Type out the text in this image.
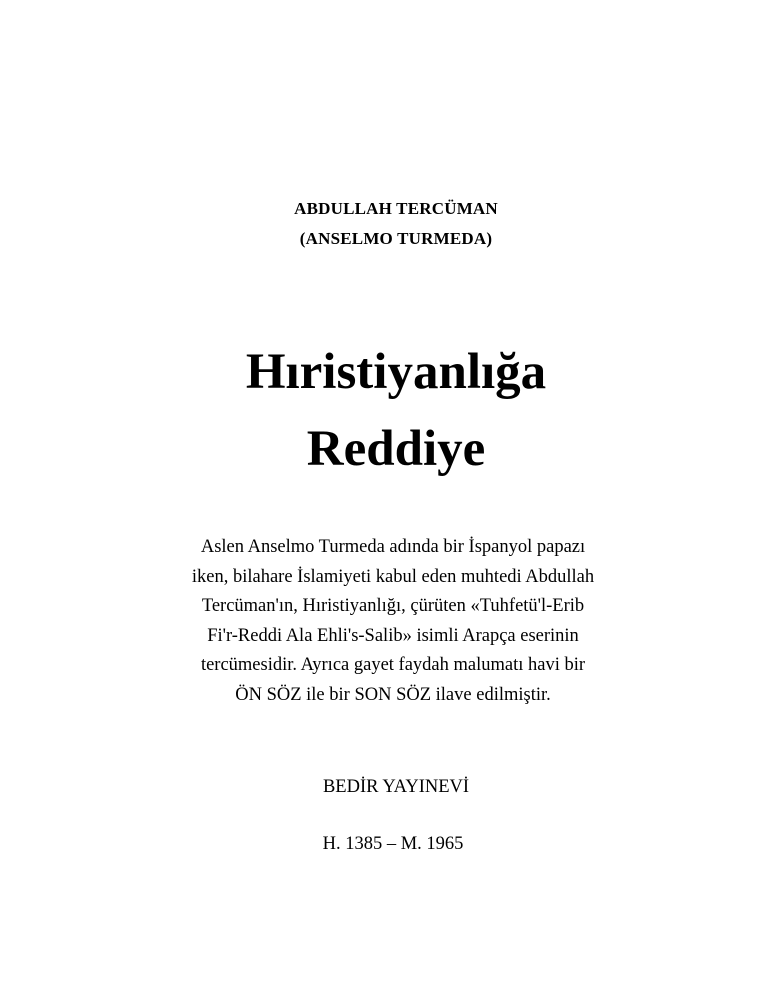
ABDULLAH TERCÜMAN
(ANSELMO TURMEDA)
Hıristiyanlığa
Reddiye
Aslen Anselmo Turmeda adında bir İspanyol papazı
iken, bilahare İslamiyeti kabul eden muhtedi Abdullah
Tercüman'ın, Hıristiyanlığı, çürüten «Tuhfetü'l-Erib
Fi'r-Reddi Ala Ehli's-Salib» isimli Arapça eserinin
tercümesidir. Ayrıca gayet faydah malumatı havi bir
ÖN SÖZ ile bir SON SÖZ ilave edilmiştir.
BEDİR YAYINEVİ
H. 1385 – M. 1965
